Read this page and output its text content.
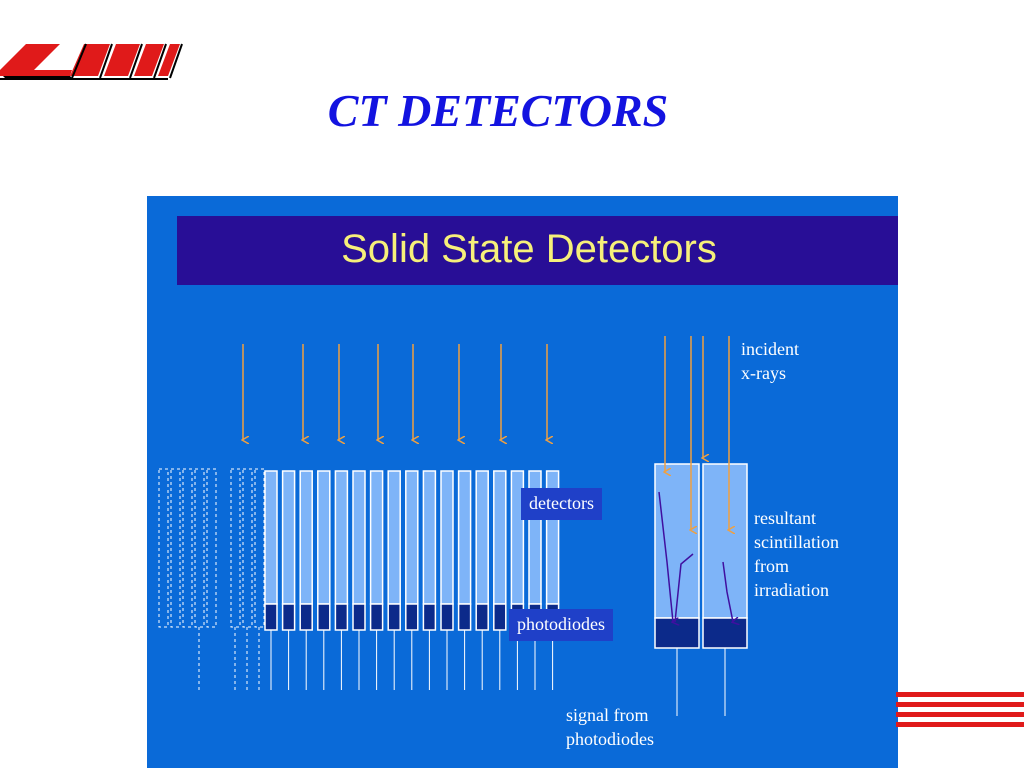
CT DETECTORS
Solid State Detectors
detectors
photodiodes
incident
x-rays
resultant
scintillation
from
irradiation
signal from
photodiodes
